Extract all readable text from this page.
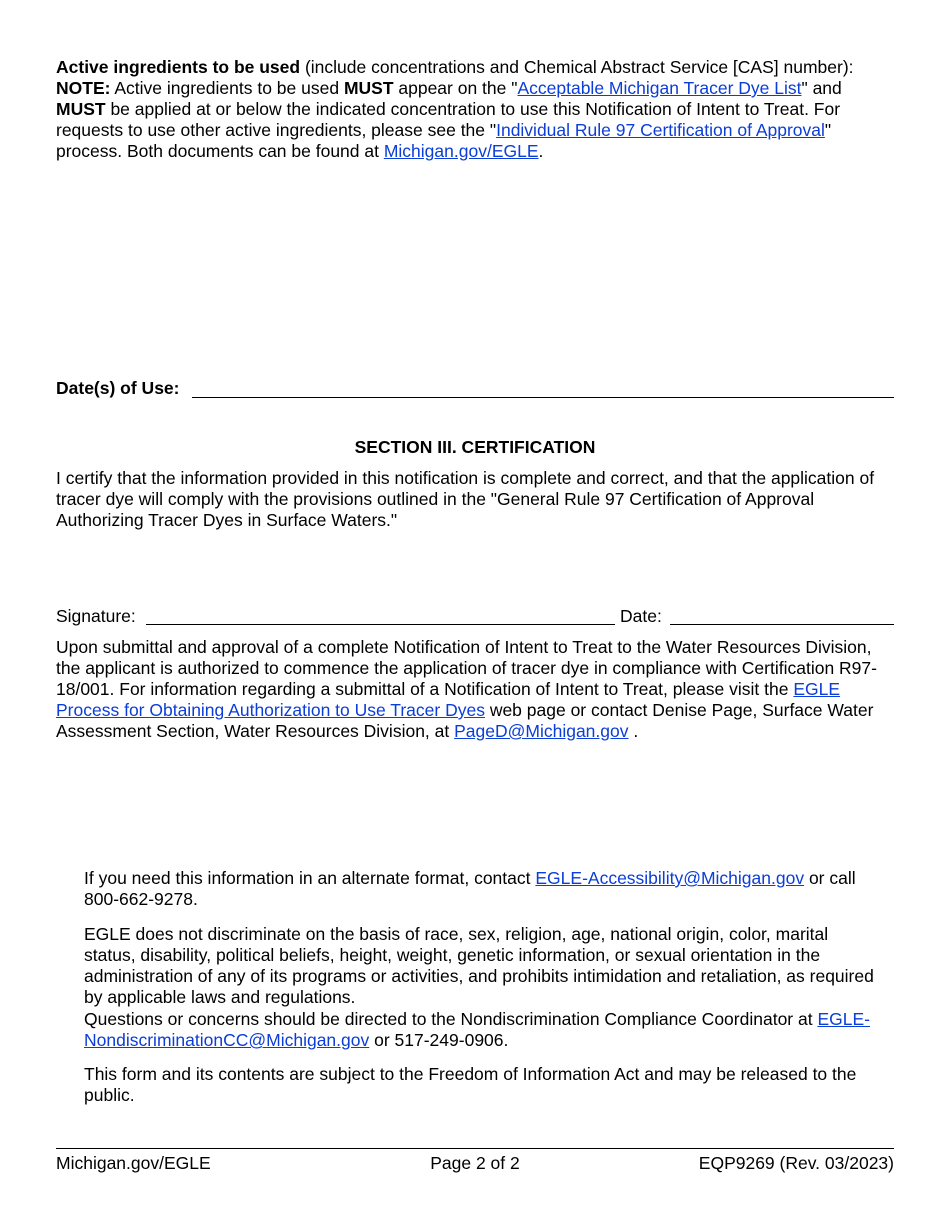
Active ingredients to be used (include concentrations and Chemical Abstract Service [CAS] number): NOTE: Active ingredients to be used MUST appear on the "Acceptable Michigan Tracer Dye List" and MUST be applied at or below the indicated concentration to use this Notification of Intent to Treat. For requests to use other active ingredients, please see the "Individual Rule 97 Certification of Approval" process. Both documents can be found at Michigan.gov/EGLE.

Date(s) of Use:
SECTION III. CERTIFICATION

I certify that the information provided in this notification is complete and correct, and that the application of tracer dye will comply with the provisions outlined in the "General Rule 97 Certification of Approval Authorizing Tracer Dyes in Surface Waters."

Signature:	Date:

Upon submittal and approval of a complete Notification of Intent to Treat to the Water Resources Division, the applicant is authorized to commence the application of tracer dye in compliance with Certification R97-18/001. For information regarding a submittal of a Notification of Intent to Treat, please visit the EGLE Process for Obtaining Authorization to Use Tracer Dyes web page or contact Denise Page, Surface Water Assessment Section, Water Resources Division, at PageD@Michigan.gov .

If you need this information in an alternate format, contact EGLE-Accessibility@Michigan.gov or call 800-662-9278.

EGLE does not discriminate on the basis of race, sex, religion, age, national origin, color, marital status, disability, political beliefs, height, weight, genetic information, or sexual orientation in the administration of any of its programs or activities, and prohibits intimidation and retaliation, as required by applicable laws and regulations.

Questions or concerns should be directed to the Nondiscrimination Compliance Coordinator at EGLE-NondiscriminationCC@Michigan.gov or 517-249-0906.

This form and its contents are subject to the Freedom of Information Act and may be released to the public.

Michigan.gov/EGLE	Page 2 of 2	EQP9269 (Rev. 03/2023)
